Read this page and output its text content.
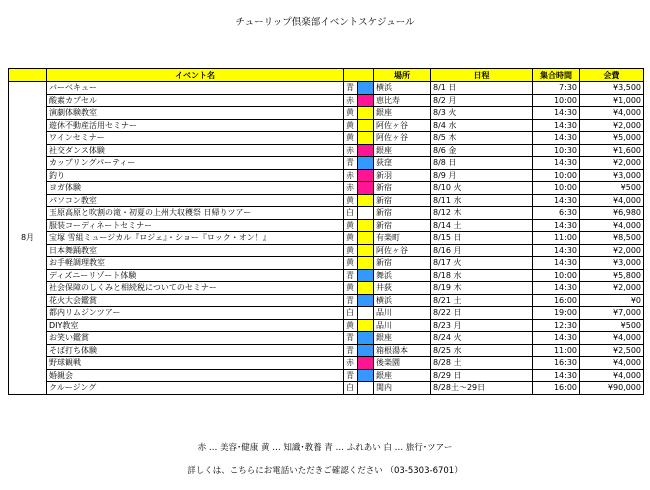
チューリップ倶楽部イベントスケジュール
	イベント名			場所	日程	集合時間	会費
8月	バーベキュー	青		横浜	8/1 日	7:30	¥3,500
	酸素カプセル	赤		恵比寿	8/2 月	10:00	¥1,000
	演劇体験教室	黄		銀座	8/3 火	14:30	¥4,000
	遊休不動産活用セミナー	黄		阿佐ヶ谷	8/4 水	14:30	¥2,000
	ワインセミナー	黄		阿佐ヶ谷	8/5 木	14:30	¥5,000
	社交ダンス体験	赤		銀座	8/6 金	10:30	¥1,600
	カップリングパーティー	青		荻窪	8/8 日	14:30	¥2,000
	釣り	赤		新羽	8/9 月	10:00	¥3,000
	ヨガ体験	赤		新宿	8/10 火	10:00	¥500
	パソコン教室	黄		新宿	8/11 水	14:30	¥4,000
	玉原高原と吹割の滝・初夏の上州大収穫祭 日帰りツアー	白		新宿	8/12 木	6:30	¥6,980
	服装コーディネートセミナー	黄		新宿	8/14 土	14:30	¥4,000
	宝塚 雪組ミュージカル『ロジェ』・ショー『ロック・オン！』	黄		有楽町	8/15 日	11:00	¥8,500
	日本舞踊教室	黄		阿佐ヶ谷	8/16 月	14:30	¥2,000
	お手軽調理教室	黄		新宿	8/17 火	14:30	¥3,000
	ディズニーリゾート体験	青		舞浜	8/18 水	10:00	¥5,800
	社会保障のしくみと相続税についてのセミナー	黄		井荻	8/19 木	14:30	¥2,000
	花火大会鑑賞	青		横浜	8/21 土	16:00	¥0
	都内リムジンツアー	白		品川	8/22 日	19:00	¥7,000
	DIY教室	黄		品川	8/23 月	12:30	¥500
	お笑い鑑賞	青		銀座	8/24 火	14:30	¥4,000
	そば打ち体験	青		箱根湯本	8/25 水	11:00	¥2,500
	野球観戦	赤		後楽園	8/28 土	16:30	¥4,000
	婚親会	青		銀座	8/29 日	14:30	¥4,000
	クルージング	白		関内	8/28土〜29日	16:00	¥90,000
赤 … 美容･健康 黄 … 知識･教養 青 … ふれあい 白 … 旅行･ツアー
詳しくは、こちらにお電話いただきご確認ください （03-5303-6701）
